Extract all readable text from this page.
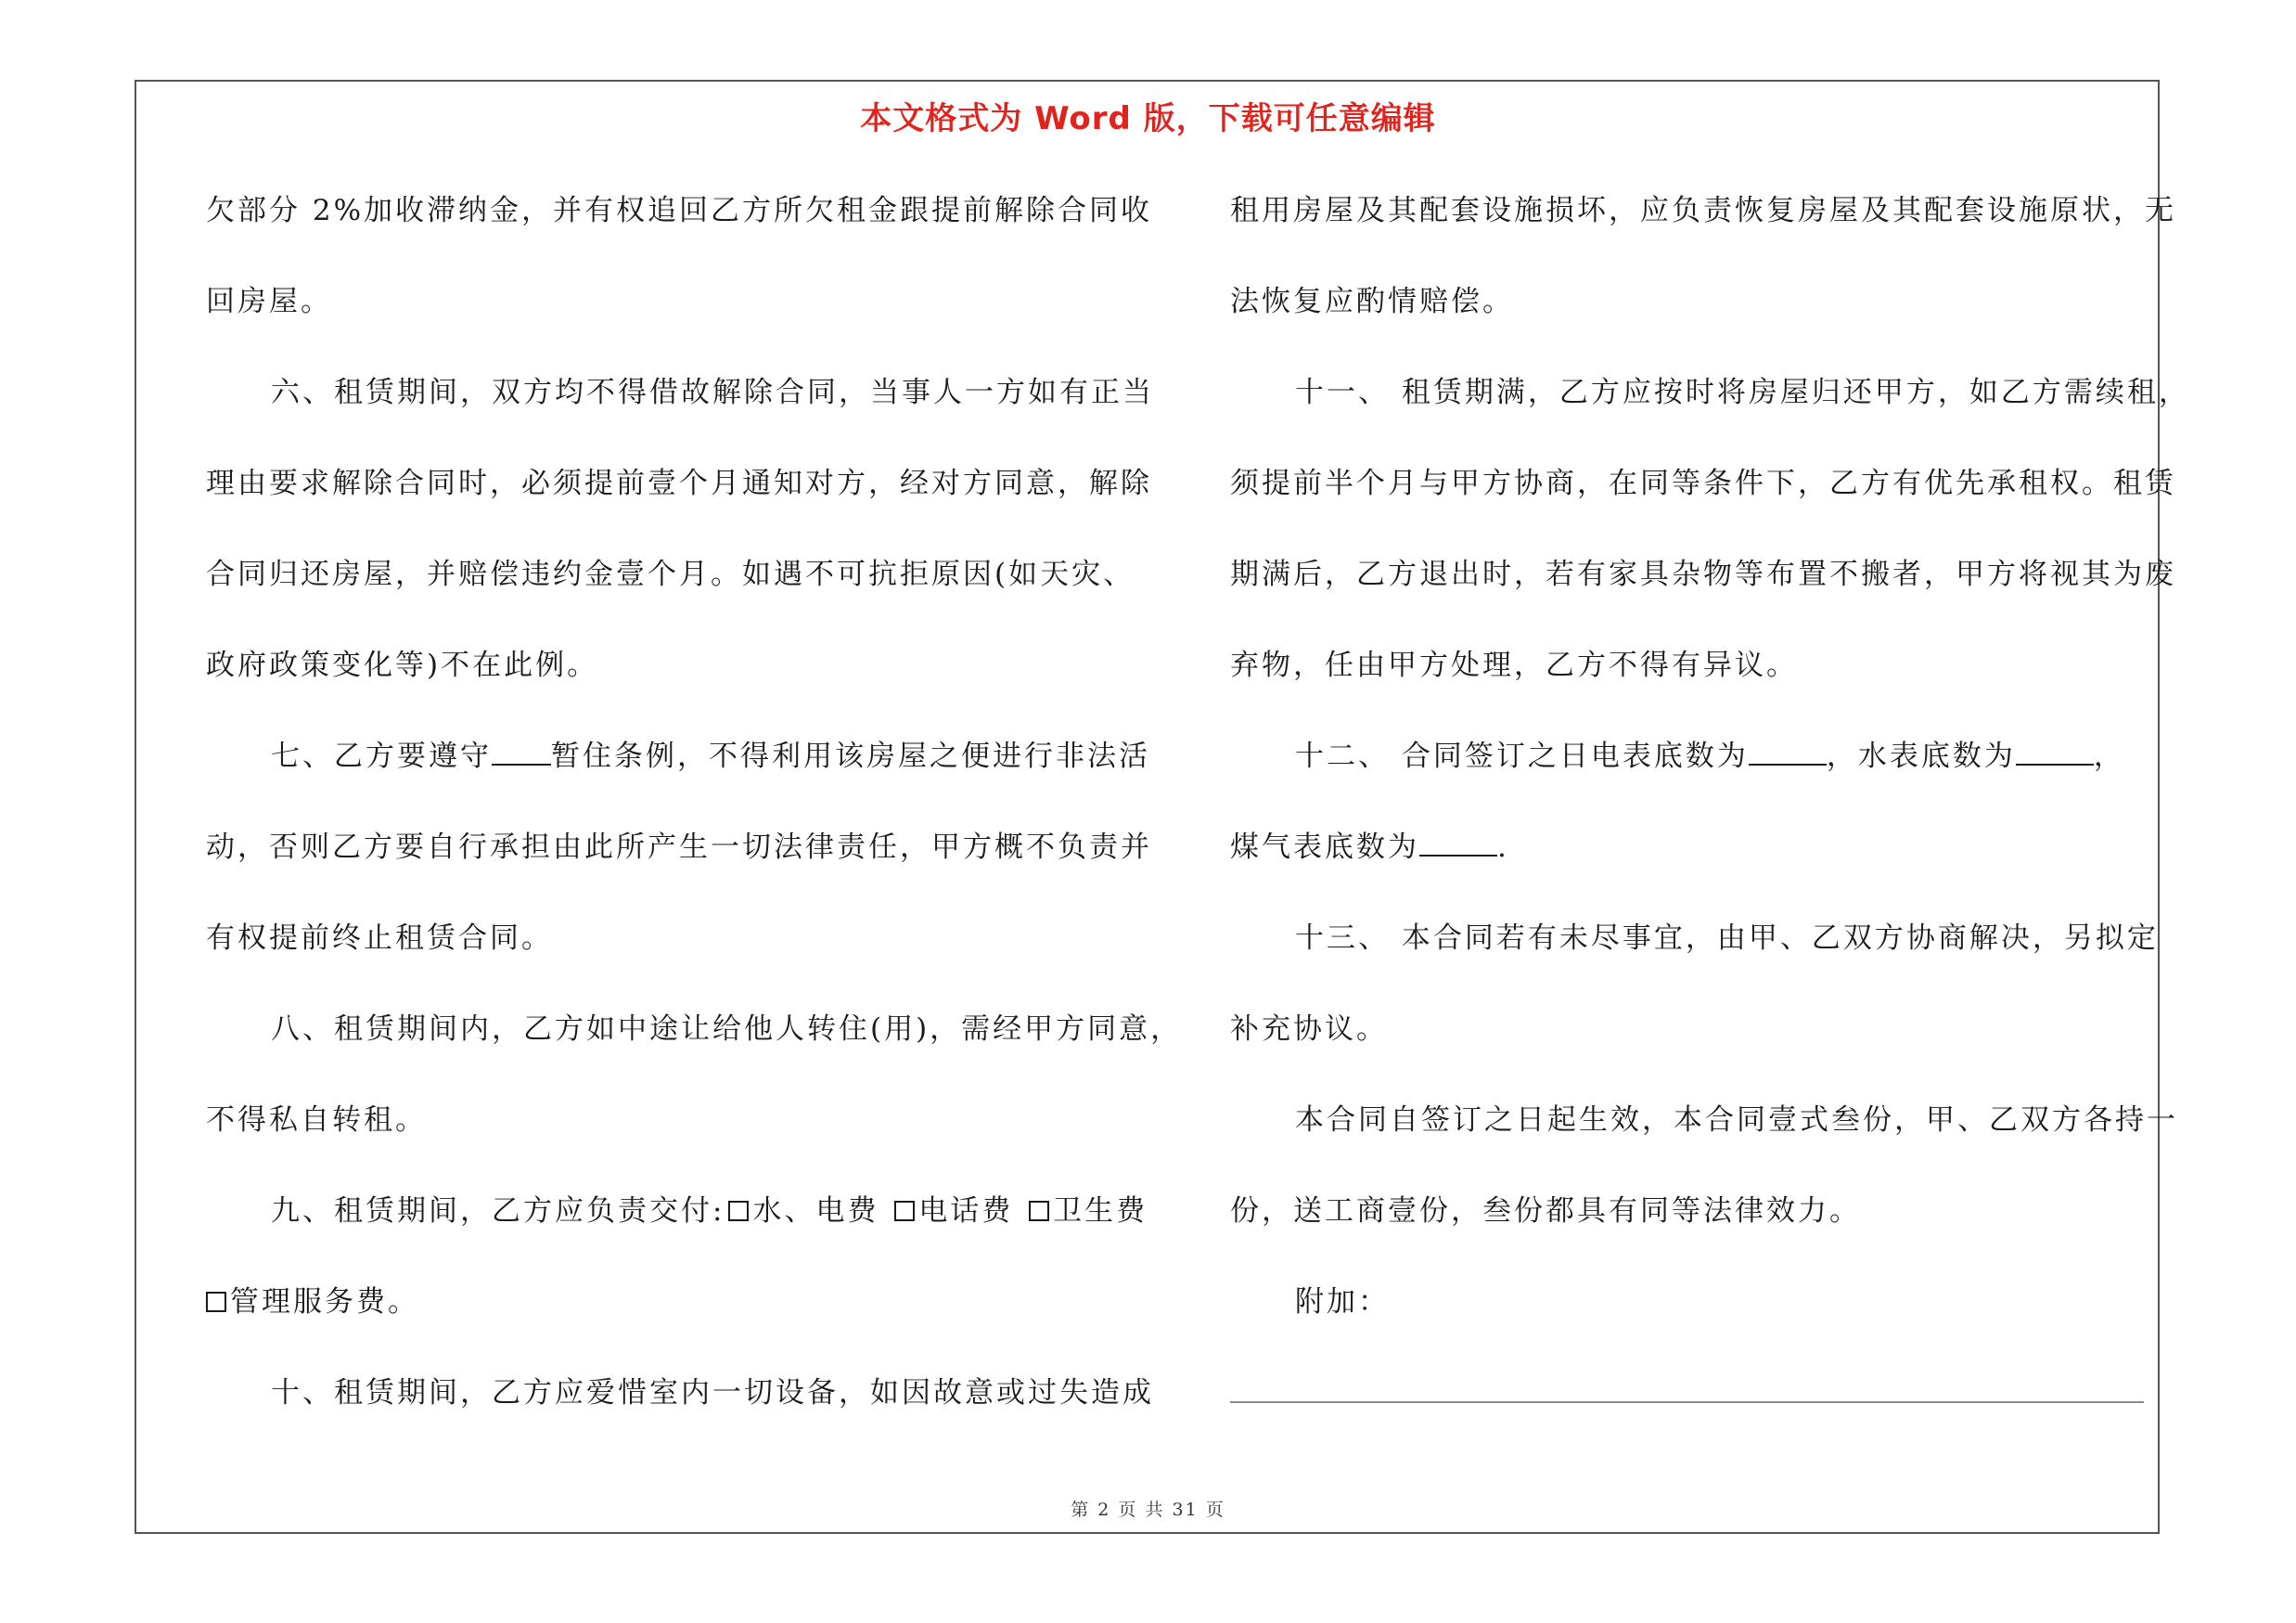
本文格式为 Word 版，下载可任意编辑
欠部分 2%加收滞纳金，并有权追回乙方所欠租金跟提前解除合同收
回房屋。
六、租赁期间，双方均不得借故解除合同，当事人一方如有正当
理由要求解除合同时，必须提前壹个月通知对方，经对方同意，解除
合同归还房屋，并赔偿违约金壹个月。如遇不可抗拒原因(如天灾、
政府政策变化等)不在此例。
七、乙方要遵守 暂住条例，不得利用该房屋之便进行非法活
动，否则乙方要自行承担由此所产生一切法律责任，甲方概不负责并
有权提前终止租赁合同。
八、租赁期间内，乙方如中途让给他人转住(用)，需经甲方同意，
不得私自转租。
九、租赁期间，乙方应负责交付: 水、电费 电话费 卫生费
管理服务费。
十、租赁期间，乙方应爱惜室内一切设备，如因故意或过失造成
租用房屋及其配套设施损坏，应负责恢复房屋及其配套设施原状，无
法恢复应酌情赔偿。
十一、 租赁期满，乙方应按时将房屋归还甲方，如乙方需续租，
须提前半个月与甲方协商，在同等条件下，乙方有优先承租权。租赁
期满后，乙方退出时，若有家具杂物等布置不搬者，甲方将视其为废
弃物，任由甲方处理，乙方不得有异议。
十二、 合同签订之日电表底数为	，水表底数为	，
煤气表底数为	.
十三、 本合同若有未尽事宜，由甲、乙双方协商解决，另拟定
补充协议。
本合同自签订之日起生效，本合同壹式叁份，甲、乙双方各持一
份，送工商壹份，叁份都具有同等法律效力。
附加：
第 2 页 共 31 页
